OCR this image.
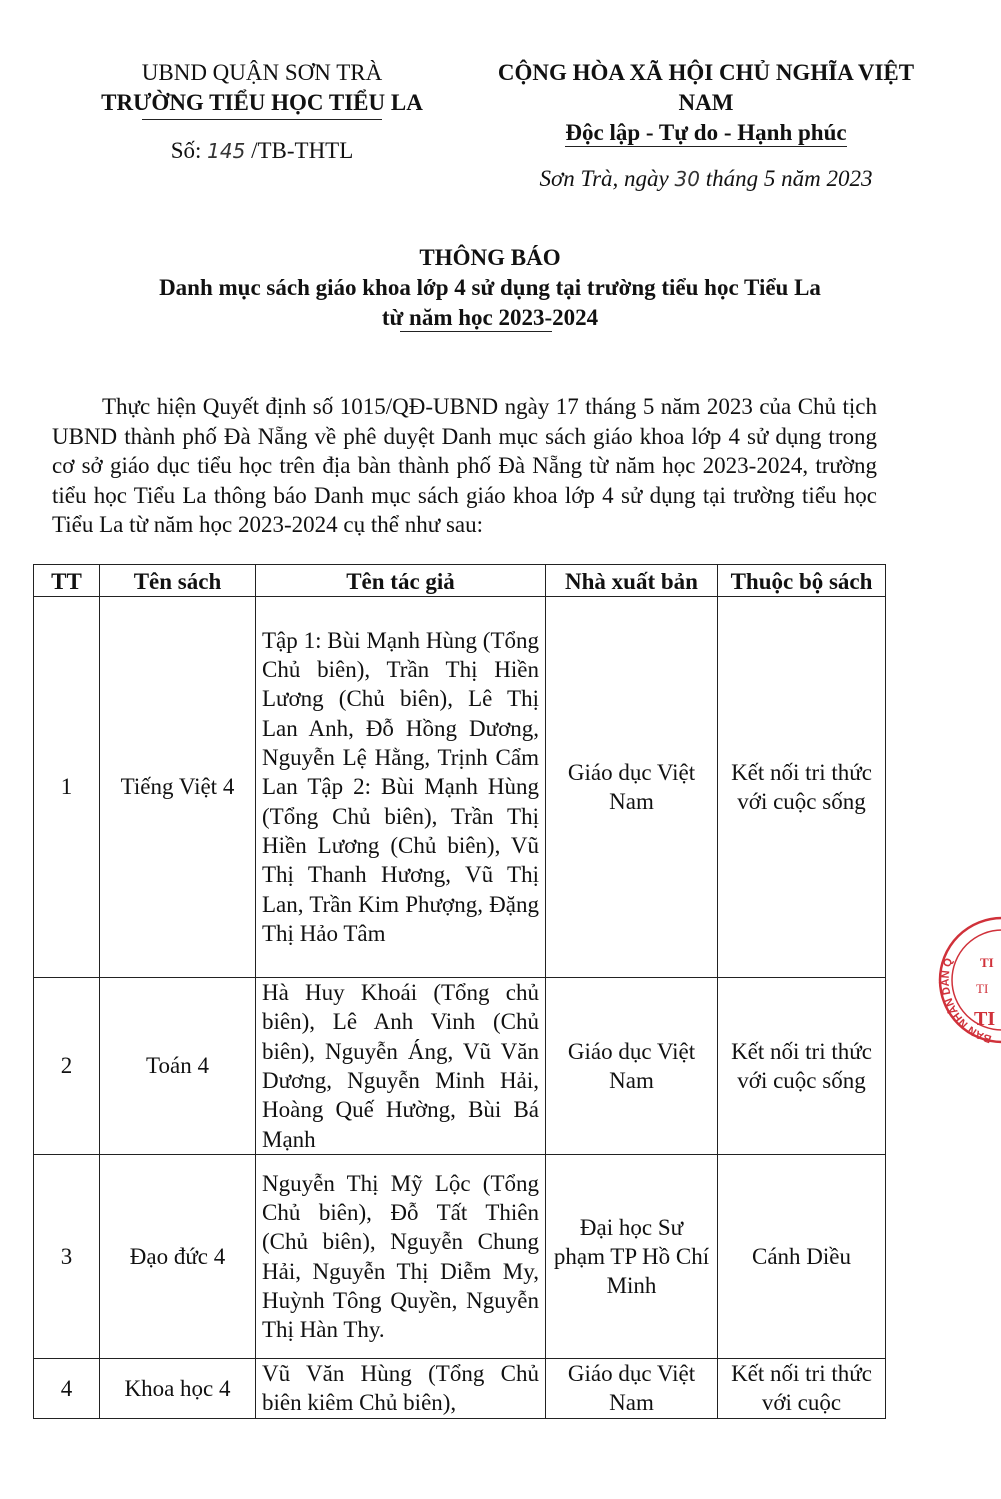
UBND QUẬN SƠN TRÀ
TRƯỜNG TIỂU HỌC TIỂU LA
Số: 145 /TB-THTL
CỘNG HÒA XÃ HỘI CHỦ NGHĨA VIỆT NAM
Độc lập - Tự do - Hạnh phúc
Sơn Trà, ngày 30 tháng 5 năm 2023
THÔNG BÁO
Danh mục sách giáo khoa lớp 4 sử dụng tại trường tiểu học Tiểu La
từ năm học 2023-2024
Thực hiện Quyết định số 1015/QĐ-UBND ngày 17 tháng 5 năm 2023 của Chủ tịch UBND thành phố Đà Nẵng về phê duyệt Danh mục sách giáo khoa lớp 4 sử dụng trong cơ sở giáo dục tiểu học trên địa bàn thành phố Đà Nẵng từ năm học 2023-2024, trường tiểu học Tiểu La thông báo Danh mục sách giáo khoa lớp 4 sử dụng tại trường tiểu học Tiểu La từ năm học 2023-2024 cụ thể như sau:
TT	Tên sách	Tên tác giả	Nhà xuất bản	Thuộc bộ sách
1	Tiếng Việt 4	Tập 1: Bùi Mạnh Hùng (Tổng Chủ biên), Trần Thị Hiền Lương (Chủ biên), Lê Thị Lan Anh, Đỗ Hồng Dương, Nguyễn Lệ Hằng, Trịnh Cẩm Lan Tập 2: Bùi Mạnh Hùng (Tổng Chủ biên), Trần Thị Hiền Lương (Chủ biên), Vũ Thị Thanh Hương, Vũ Thị Lan, Trần Kim Phượng, Đặng Thị Hảo Tâm	Giáo dục Việt Nam	Kết nối tri thức với cuộc sống
2	Toán 4	Hà Huy Khoái (Tổng chủ biên), Lê Anh Vinh (Chủ biên), Nguyễn Áng, Vũ Văn Dương, Nguyễn Minh Hải, Hoàng Quế Hường, Bùi Bá Mạnh	Giáo dục Việt Nam	Kết nối tri thức với cuộc sống
3	Đạo đức 4	Nguyễn Thị Mỹ Lộc (Tổng Chủ biên), Đỗ Tất Thiên (Chủ biên), Nguyễn Chung Hải, Nguyễn Thị Diễm My, Huỳnh Tông Quyền, Nguyễn Thị Hàn Thy.	Đại học Sư phạm TP Hồ Chí Minh	Cánh Diều
4	Khoa học 4	Vũ Văn Hùng (Tổng Chủ biên kiêm Chủ biên),	Giáo dục Việt Nam	Kết nối tri thức với cuộc
BAN NHÂN DÂN Q	TI
TI
TI
